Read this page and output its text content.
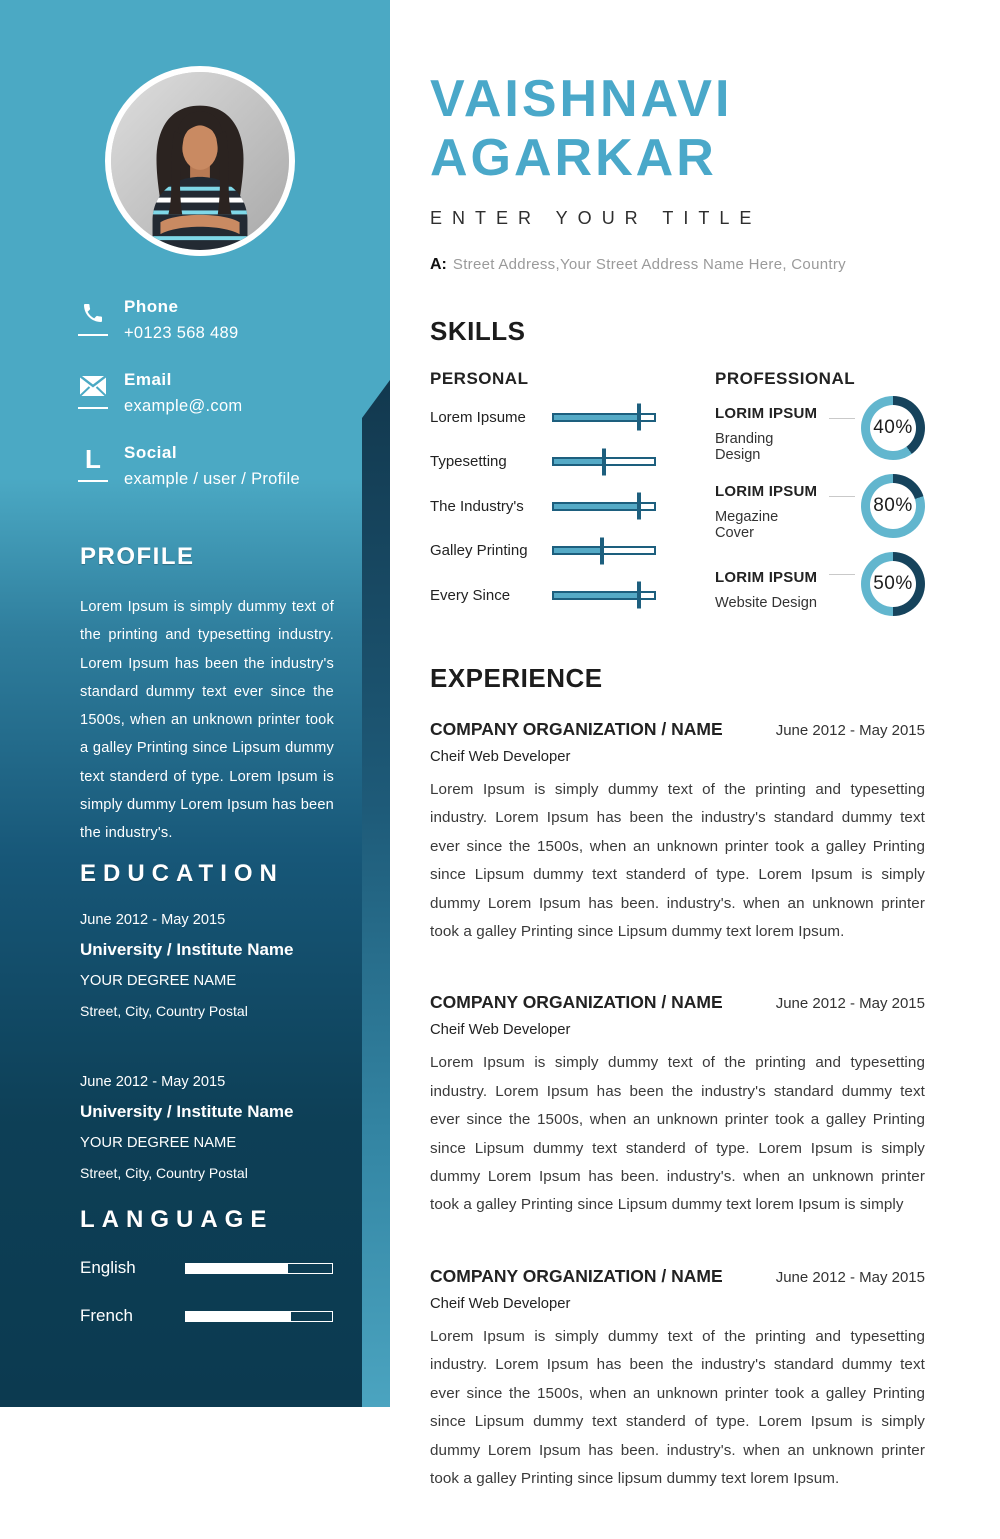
Phone
+0123 568 489
Email
example@.com
L	Social
example / user / Profile
PROFILE

Lorem Ipsum is simply dummy text of the printing and typesetting industry. Lorem Ipsum has been the industry's standard dummy text ever since the 1500s, when an unknown printer took a galley Printing since Lipsum dummy text standerd of type. Lorem Ipsum is simply dummy Lorem Ipsum has been the industry's.

EDUCATION
June 2012 - May 2015
University / Institute Name
YOUR DEGREE NAME
Street, City, Country Postal
June 2012 - May 2015
University / Institute Name
YOUR DEGREE NAME
Street, City, Country Postal
LANGUAGE
English
French
VAISHNAVI
AGARKAR
ENTER YOUR TITLE
A: Street Address,Your Street Address Name Here, Country
SKILLS
PERSONAL
Lorem Ipsume
Typesetting
The Industry's
Galley Printing
Every Since
PROFESSIONAL
LORIM IPSUM
Branding Design
40%
LORIM IPSUM
Megazine Cover
80%
LORIM IPSUM
Website Design
50%
EXPERIENCE
COMPANY ORGANIZATION / NAME	June 2012 - May 2015
Cheif Web Developer

Lorem Ipsum is simply dummy text of the printing and typesetting industry. Lorem Ipsum has been the industry's standard dummy text ever since the 1500s, when an unknown printer took a galley Printing since Lipsum dummy text standerd of type. Lorem Ipsum is simply dummy Lorem Ipsum has been. industry's. when an unknown printer took a galley Printing since Lipsum dummy text lorem Ipsum.

COMPANY ORGANIZATION / NAME	June 2012 - May 2015
Cheif Web Developer

Lorem Ipsum is simply dummy text of the printing and typesetting industry. Lorem Ipsum has been the industry's standard dummy text ever since the 1500s, when an unknown printer took a galley Printing since Lipsum dummy text standerd of type. Lorem Ipsum is simply dummy Lorem Ipsum has been. industry's. when an unknown printer took a galley Printing since Lipsum dummy text lorem Ipsum is simply

COMPANY ORGANIZATION / NAME	June 2012 - May 2015
Cheif Web Developer

Lorem Ipsum is simply dummy text of the printing and typesetting industry. Lorem Ipsum has been the industry's standard dummy text ever since the 1500s, when an unknown printer took a galley Printing since Lipsum dummy text standerd of type. Lorem Ipsum is simply dummy Lorem Ipsum has been. industry's. when an unknown printer took a galley Printing since lipsum dummy text lorem Ipsum.
